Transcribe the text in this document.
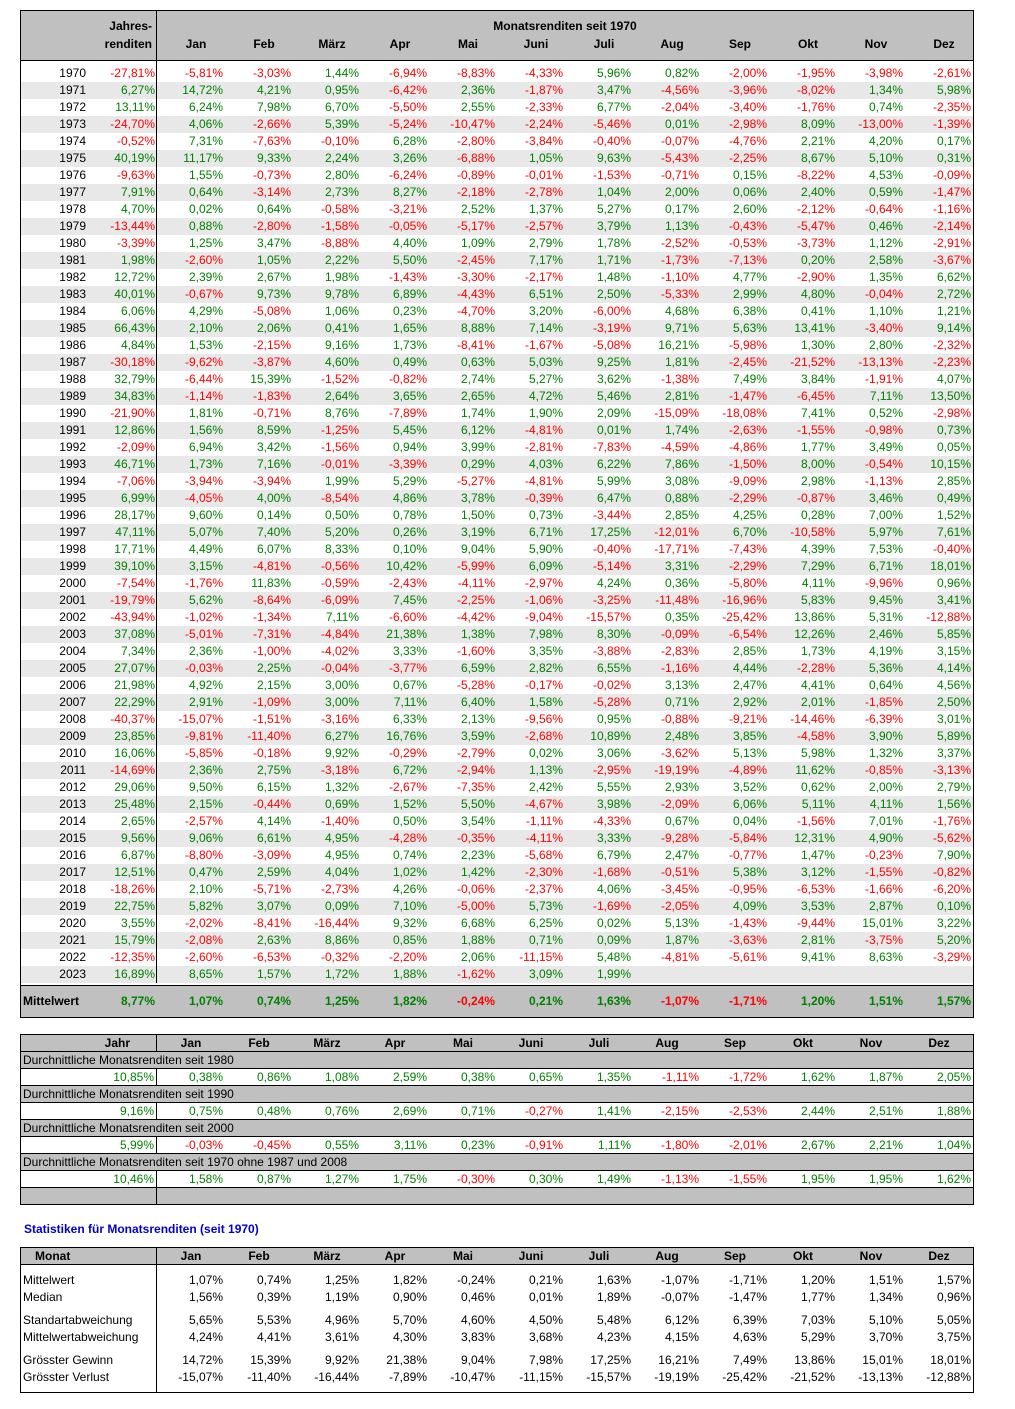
Jahres-
renditen
Monatsrenditen seit 1970
Jan	Feb	März	Apr	Mai	Juni	Juli	Aug	Sep	Okt	Nov	Dez
1970	-27,81%	-5,81%	-3,03%	1,44%	-6,94%	-8,83%	-4,33%	5,96%	0,82%	-2,00%	-1,95%	-3,98%	-2,61%
1971	6,27%	14,72%	4,21%	0,95%	-6,42%	2,36%	-1,87%	3,47%	-4,56%	-3,96%	-8,02%	1,34%	5,98%
1972	13,11%	6,24%	7,98%	6,70%	-5,50%	2,55%	-2,33%	6,77%	-2,04%	-3,40%	-1,76%	0,74%	-2,35%
1973	-24,70%	4,06%	-2,66%	5,39%	-5,24%	-10,47%	-2,24%	-5,46%	0,01%	-2,98%	8,09%	-13,00%	-1,39%
1974	-0,52%	7,31%	-7,63%	-0,10%	6,28%	-2,80%	-3,84%	-0,40%	-0,07%	-4,76%	2,21%	4,20%	0,17%
1975	40,19%	11,17%	9,33%	2,24%	3,26%	-6,88%	1,05%	9,63%	-5,43%	-2,25%	8,67%	5,10%	0,31%
1976	-9,63%	1,55%	-0,73%	2,80%	-6,24%	-0,89%	-0,01%	-1,53%	-0,71%	0,15%	-8,22%	4,53%	-0,09%
1977	7,91%	0,64%	-3,14%	2,73%	8,27%	-2,18%	-2,78%	1,04%	2,00%	0,06%	2,40%	0,59%	-1,47%
1978	4,70%	0,02%	0,64%	-0,58%	-3,21%	2,52%	1,37%	5,27%	0,17%	2,60%	-2,12%	-0,64%	-1,16%
1979	-13,44%	0,88%	-2,80%	-1,58%	-0,05%	-5,17%	-2,57%	3,79%	1,13%	-0,43%	-5,47%	0,46%	-2,14%
1980	-3,39%	1,25%	3,47%	-8,88%	4,40%	1,09%	2,79%	1,78%	-2,52%	-0,53%	-3,73%	1,12%	-2,91%
1981	1,98%	-2,60%	1,05%	2,22%	5,50%	-2,45%	7,17%	1,71%	-1,73%	-7,13%	0,20%	2,58%	-3,67%
1982	12,72%	2,39%	2,67%	1,98%	-1,43%	-3,30%	-2,17%	1,48%	-1,10%	4,77%	-2,90%	1,35%	6,62%
1983	40,01%	-0,67%	9,73%	9,78%	6,89%	-4,43%	6,51%	2,50%	-5,33%	2,99%	4,80%	-0,04%	2,72%
1984	6,06%	4,29%	-5,08%	1,06%	0,23%	-4,70%	3,20%	-6,00%	4,68%	6,38%	0,41%	1,10%	1,21%
1985	66,43%	2,10%	2,06%	0,41%	1,65%	8,88%	7,14%	-3,19%	9,71%	5,63%	13,41%	-3,40%	9,14%
1986	4,84%	1,53%	-2,15%	9,16%	1,73%	-8,41%	-1,67%	-5,08%	16,21%	-5,98%	1,30%	2,80%	-2,32%
1987	-30,18%	-9,62%	-3,87%	4,60%	0,49%	0,63%	5,03%	9,25%	1,81%	-2,45%	-21,52%	-13,13%	-2,23%
1988	32,79%	-6,44%	15,39%	-1,52%	-0,82%	2,74%	5,27%	3,62%	-1,38%	7,49%	3,84%	-1,91%	4,07%
1989	34,83%	-1,14%	-1,83%	2,64%	3,65%	2,65%	4,72%	5,46%	2,81%	-1,47%	-6,45%	7,11%	13,50%
1990	-21,90%	1,81%	-0,71%	8,76%	-7,89%	1,74%	1,90%	2,09%	-15,09%	-18,08%	7,41%	0,52%	-2,98%
1991	12,86%	1,56%	8,59%	-1,25%	5,45%	6,12%	-4,81%	0,01%	1,74%	-2,63%	-1,55%	-0,98%	0,73%
1992	-2,09%	6,94%	3,42%	-1,56%	0,94%	3,99%	-2,81%	-7,83%	-4,59%	-4,86%	1,77%	3,49%	0,05%
1993	46,71%	1,73%	7,16%	-0,01%	-3,39%	0,29%	4,03%	6,22%	7,86%	-1,50%	8,00%	-0,54%	10,15%
1994	-7,06%	-3,94%	-3,94%	1,99%	5,29%	-5,27%	-4,81%	5,99%	3,08%	-9,09%	2,98%	-1,13%	2,85%
1995	6,99%	-4,05%	4,00%	-8,54%	4,86%	3,78%	-0,39%	6,47%	0,88%	-2,29%	-0,87%	3,46%	0,49%
1996	28,17%	9,60%	0,14%	0,50%	0,78%	1,50%	0,73%	-3,44%	2,85%	4,25%	0,28%	7,00%	1,52%
1997	47,11%	5,07%	7,40%	5,20%	0,26%	3,19%	6,71%	17,25%	-12,01%	6,70%	-10,58%	5,97%	7,61%
1998	17,71%	4,49%	6,07%	8,33%	0,10%	9,04%	5,90%	-0,40%	-17,71%	-7,43%	4,39%	7,53%	-0,40%
1999	39,10%	3,15%	-4,81%	-0,56%	10,42%	-5,99%	6,09%	-5,14%	3,31%	-2,29%	7,29%	6,71%	18,01%
2000	-7,54%	-1,76%	11,83%	-0,59%	-2,43%	-4,11%	-2,97%	4,24%	0,36%	-5,80%	4,11%	-9,96%	0,96%
2001	-19,79%	5,62%	-8,64%	-6,09%	7,45%	-2,25%	-1,06%	-3,25%	-11,48%	-16,96%	5,83%	9,45%	3,41%
2002	-43,94%	-1,02%	-1,34%	7,11%	-6,60%	-4,42%	-9,04%	-15,57%	0,35%	-25,42%	13,86%	5,31%	-12,88%
2003	37,08%	-5,01%	-7,31%	-4,84%	21,38%	1,38%	7,98%	8,30%	-0,09%	-6,54%	12,26%	2,46%	5,85%
2004	7,34%	2,36%	-1,00%	-4,02%	3,33%	-1,60%	3,35%	-3,88%	-2,83%	2,85%	1,73%	4,19%	3,15%
2005	27,07%	-0,03%	2,25%	-0,04%	-3,77%	6,59%	2,82%	6,55%	-1,16%	4,44%	-2,28%	5,36%	4,14%
2006	21,98%	4,92%	2,15%	3,00%	0,67%	-5,28%	-0,17%	-0,02%	3,13%	2,47%	4,41%	0,64%	4,56%
2007	22,29%	2,91%	-1,09%	3,00%	7,11%	6,40%	1,58%	-5,28%	0,71%	2,92%	2,01%	-1,85%	2,50%
2008	-40,37%	-15,07%	-1,51%	-3,16%	6,33%	2,13%	-9,56%	0,95%	-0,88%	-9,21%	-14,46%	-6,39%	3,01%
2009	23,85%	-9,81%	-11,40%	6,27%	16,76%	3,59%	-2,68%	10,89%	2,48%	3,85%	-4,58%	3,90%	5,89%
2010	16,06%	-5,85%	-0,18%	9,92%	-0,29%	-2,79%	0,02%	3,06%	-3,62%	5,13%	5,98%	1,32%	3,37%
2011	-14,69%	2,36%	2,75%	-3,18%	6,72%	-2,94%	1,13%	-2,95%	-19,19%	-4,89%	11,62%	-0,85%	-3,13%
2012	29,06%	9,50%	6,15%	1,32%	-2,67%	-7,35%	2,42%	5,55%	2,93%	3,52%	0,62%	2,00%	2,79%
2013	25,48%	2,15%	-0,44%	0,69%	1,52%	5,50%	-4,67%	3,98%	-2,09%	6,06%	5,11%	4,11%	1,56%
2014	2,65%	-2,57%	4,14%	-1,40%	0,50%	3,54%	-1,11%	-4,33%	0,67%	0,04%	-1,56%	7,01%	-1,76%
2015	9,56%	9,06%	6,61%	4,95%	-4,28%	-0,35%	-4,11%	3,33%	-9,28%	-5,84%	12,31%	4,90%	-5,62%
2016	6,87%	-8,80%	-3,09%	4,95%	0,74%	2,23%	-5,68%	6,79%	2,47%	-0,77%	1,47%	-0,23%	7,90%
2017	12,51%	0,47%	2,59%	4,04%	1,02%	1,42%	-2,30%	-1,68%	-0,51%	5,38%	3,12%	-1,55%	-0,82%
2018	-18,26%	2,10%	-5,71%	-2,73%	4,26%	-0,06%	-2,37%	4,06%	-3,45%	-0,95%	-6,53%	-1,66%	-6,20%
2019	22,75%	5,82%	3,07%	0,09%	7,10%	-5,00%	5,73%	-1,69%	-2,05%	4,09%	3,53%	2,87%	0,10%
2020	3,55%	-2,02%	-8,41%	-16,44%	9,32%	6,68%	6,25%	0,02%	5,13%	-1,43%	-9,44%	15,01%	3,22%
2021	15,79%	-2,08%	2,63%	8,86%	0,85%	1,88%	0,71%	0,09%	1,87%	-3,63%	2,81%	-3,75%	5,20%
2022	-12,35%	-2,60%	-6,53%	-0,32%	-2,20%	2,06%	-11,15%	5,48%	-4,81%	-5,61%	9,41%	8,63%	-3,29%
2023	16,89%	8,65%	1,57%	1,72%	1,88%	-1,62%	3,09%	1,99%
Mittelwert	8,77%	1,07%	0,74%	1,25%	1,82%	-0,24%	0,21%	1,63%	-1,07%	-1,71%	1,20%	1,51%	1,57%
Jahr	Jan	Feb	März	Apr	Mai	Juni	Juli	Aug	Sep	Okt	Nov	Dez
Durchnittliche Monatsrenditen seit 1980
10,85%	0,38%	0,86%	1,08%	2,59%	0,38%	0,65%	1,35%	-1,11%	-1,72%	1,62%	1,87%	2,05%
Durchnittliche Monatsrenditen seit 1990
9,16%	0,75%	0,48%	0,76%	2,69%	0,71%	-0,27%	1,41%	-2,15%	-2,53%	2,44%	2,51%	1,88%
Durchnittliche Monatsrenditen seit 2000
5,99%	-0,03%	-0,45%	0,55%	3,11%	0,23%	-0,91%	1,11%	-1,80%	-2,01%	2,67%	2,21%	1,04%
Durchnittliche Monatsrenditen seit 1970 ohne 1987 und 2008
10,46%	1,58%	0,87%	1,27%	1,75%	-0,30%	0,30%	1,49%	-1,13%	-1,55%	1,95%	1,95%	1,62%
Statistiken für Monatsrenditen (seit 1970)
Monat	Jan	Feb	März	Apr	Mai	Juni	Juli	Aug	Sep	Okt	Nov	Dez
Mittelwert	1,07%	0,74%	1,25%	1,82%	-0,24%	0,21%	1,63%	-1,07%	-1,71%	1,20%	1,51%	1,57%
Median	1,56%	0,39%	1,19%	0,90%	0,46%	0,01%	1,89%	-0,07%	-1,47%	1,77%	1,34%	0,96%
Standartabweichung	5,65%	5,53%	4,96%	5,70%	4,60%	4,50%	5,48%	6,12%	6,39%	7,03%	5,10%	5,05%
Mittelwertabweichung	4,24%	4,41%	3,61%	4,30%	3,83%	3,68%	4,23%	4,15%	4,63%	5,29%	3,70%	3,75%
Grösster Gewinn	14,72%	15,39%	9,92%	21,38%	9,04%	7,98%	17,25%	16,21%	7,49%	13,86%	15,01%	18,01%
Grösster Verlust	-15,07%	-11,40%	-16,44%	-7,89%	-10,47%	-11,15%	-15,57%	-19,19%	-25,42%	-21,52%	-13,13%	-12,88%
